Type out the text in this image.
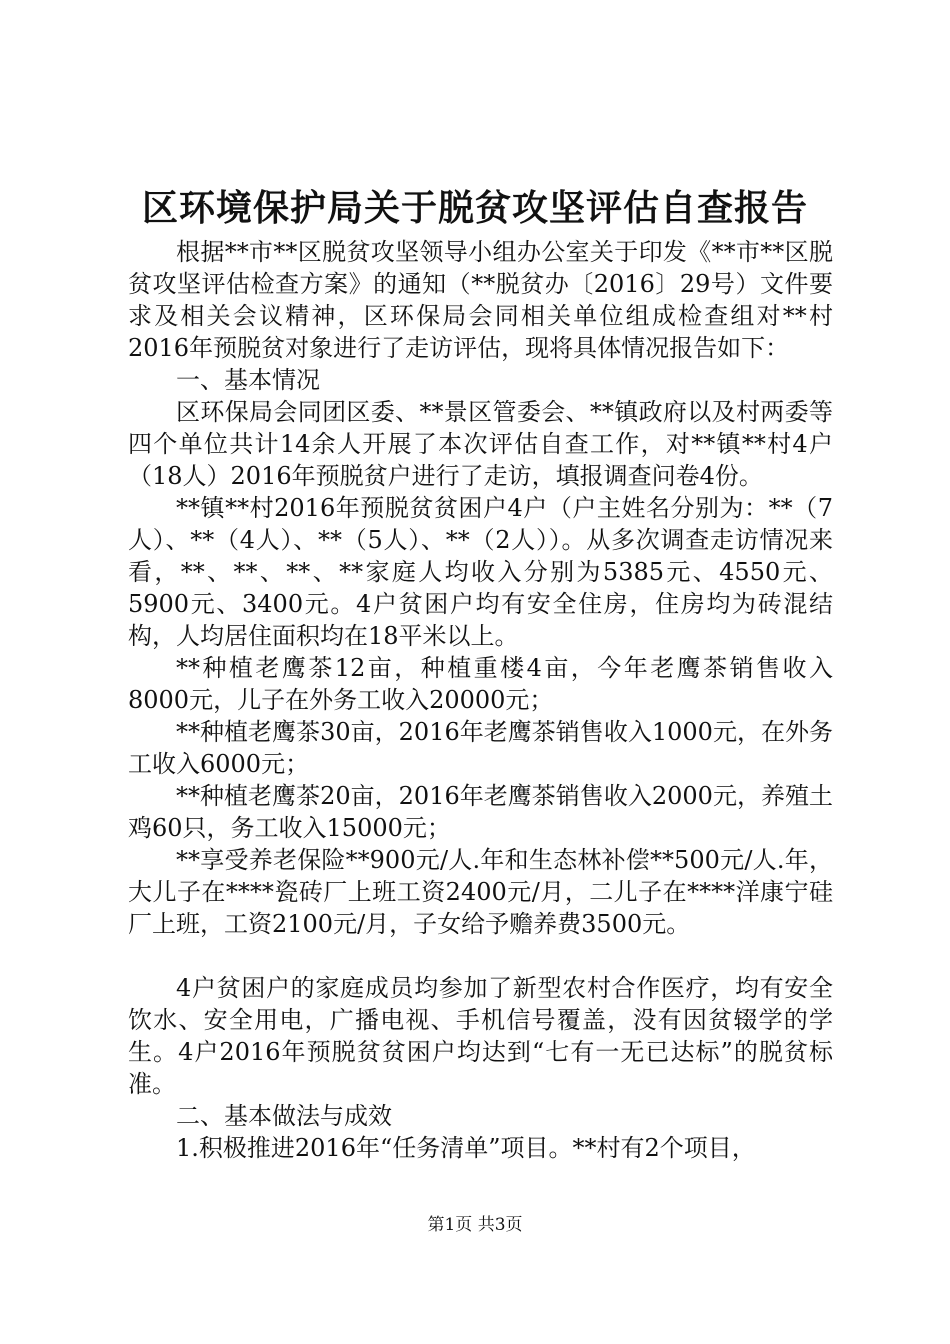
区环境保护局关于脱贫攻坚评估自查报告

根据**市**区脱贫攻坚领导小组办公室关于印发《**市**区脱贫攻坚评估检查方案》的通知（**脱贫办〔2016〕29号）文件要求及相关会议精神，区环保局会同相关单位组成检查组对**村2016年预脱贫对象进行了走访评估，现将具体情况报告如下：

一、基本情况

区环保局会同团区委、**景区管委会、**镇政府以及村两委等四个单位共计14余人开展了本次评估自查工作，对**镇**村4户（18人）2016年预脱贫户进行了走访，填报调查问卷4份。

**镇**村2016年预脱贫贫困户4户（户主姓名分别为：**（7人）、**（4人）、**（5人）、**（2人））。从多次调查走访情况来看，**、**、**、**家庭人均收入分别为5385元、4550元、5900元、3400元。4户贫困户均有安全住房，住房均为砖混结构，人均居住面积均在18平米以上。

**种植老鹰茶12亩，种植重楼4亩，今年老鹰茶销售收入8000元，儿子在外务工收入20000元；

**种植老鹰茶30亩，2016年老鹰茶销售收入1000元，在外务工收入6000元；

**种植老鹰茶20亩，2016年老鹰茶销售收入2000元，养殖土鸡60只，务工收入15000元；

**享受养老保险**900元/人.年和生态林补偿**500元/人.年，大儿子在****瓷砖厂上班工资2400元/月，二儿子在****洋康宁硅厂上班，工资2100元/月，子女给予赡养费3500元。

4户贫困户的家庭成员均参加了新型农村合作医疗，均有安全饮水、安全用电，广播电视、手机信号覆盖，没有因贫辍学的学生。4户2016年预脱贫贫困户均达到“七有一无已达标”的脱贫标准。

二、基本做法与成效

1.积极推进2016年“任务清单”项目。**村有2个项目，

第1页 共3页
